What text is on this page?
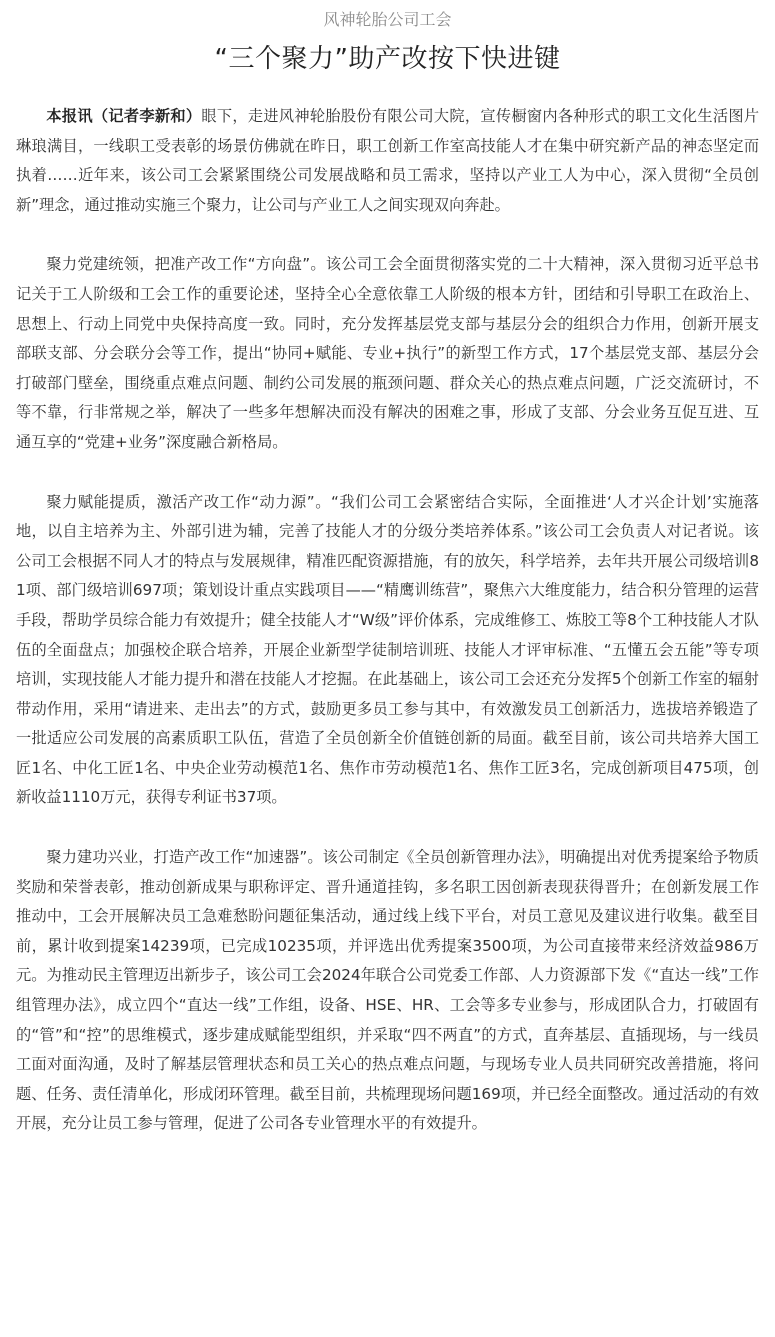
风神轮胎公司工会

“三个聚力”助产改按下快进键

本报讯（记者李新和）眼下，走进风神轮胎股份有限公司大院，宣传橱窗内各种形式的职工文化生活图片琳琅满目，一线职工受表彰的场景仿佛就在昨日，职工创新工作室高技能人才在集中研究新产品的神态坚定而执着……近年来，该公司工会紧紧围绕公司发展战略和员工需求，坚持以产业工人为中心，深入贯彻“全员创新”理念，通过推动实施三个聚力，让公司与产业工人之间实现双向奔赴。

聚力党建统领，把准产改工作“方向盘”。该公司工会全面贯彻落实党的二十大精神，深入贯彻习近平总书记关于工人阶级和工会工作的重要论述，坚持全心全意依靠工人阶级的根本方针，团结和引导职工在政治上、思想上、行动上同党中央保持高度一致。同时，充分发挥基层党支部与基层分会的组织合力作用，创新开展支部联支部、分会联分会等工作，提出“协同+赋能、专业+执行”的新型工作方式，17个基层党支部、基层分会打破部门壁垒，围绕重点难点问题、制约公司发展的瓶颈问题、群众关心的热点难点问题，广泛交流研讨，不等不靠，行非常规之举，解决了一些多年想解决而没有解决的困难之事，形成了支部、分会业务互促互进、互通互享的“党建+业务”深度融合新格局。

聚力赋能提质，激活产改工作“动力源”。“我们公司工会紧密结合实际，全面推进‘人才兴企计划’实施落地，以自主培养为主、外部引进为辅，完善了技能人才的分级分类培养体系。”该公司工会负责人对记者说。该公司工会根据不同人才的特点与发展规律，精准匹配资源措施，有的放矢，科学培养，去年共开展公司级培训81项、部门级培训697项；策划设计重点实践项目——“精鹰训练营”，聚焦六大维度能力，结合积分管理的运营手段，帮助学员综合能力有效提升；健全技能人才“W级”评价体系，完成维修工、炼胶工等8个工种技能人才队伍的全面盘点；加强校企联合培养，开展企业新型学徒制培训班、技能人才评审标准、“五懂五会五能”等专项培训，实现技能人才能力提升和潜在技能人才挖掘。在此基础上，该公司工会还充分发挥5个创新工作室的辐射带动作用，采用“请进来、走出去”的方式，鼓励更多员工参与其中，有效激发员工创新活力，选拔培养锻造了一批适应公司发展的高素质职工队伍，营造了全员创新全价值链创新的局面。截至目前，该公司共培养大国工匠1名、中化工匠1名、中央企业劳动模范1名、焦作市劳动模范1名、焦作工匠3名，完成创新项目475项，创新收益1110万元，获得专利证书37项。

聚力建功兴业，打造产改工作“加速器”。该公司制定《全员创新管理办法》，明确提出对优秀提案给予物质奖励和荣誉表彰，推动创新成果与职称评定、晋升通道挂钩，多名职工因创新表现获得晋升；在创新发展工作推动中，工会开展解决员工急难愁盼问题征集活动，通过线上线下平台，对员工意见及建议进行收集。截至目前，累计收到提案14239项，已完成10235项，并评选出优秀提案3500项，为公司直接带来经济效益986万元。为推动民主管理迈出新步子，该公司工会2024年联合公司党委工作部、人力资源部下发《“直达一线”工作组管理办法》，成立四个“直达一线”工作组，设备、HSE、HR、工会等多专业参与，形成团队合力，打破固有的“管”和“控”的思维模式，逐步建成赋能型组织，并采取“四不两直”的方式，直奔基层、直插现场，与一线员工面对面沟通，及时了解基层管理状态和员工关心的热点难点问题，与现场专业人员共同研究改善措施，将问题、任务、责任清单化，形成闭环管理。截至目前，共梳理现场问题169项，并已经全面整改。通过活动的有效开展，充分让员工参与管理，促进了公司各专业管理水平的有效提升。
